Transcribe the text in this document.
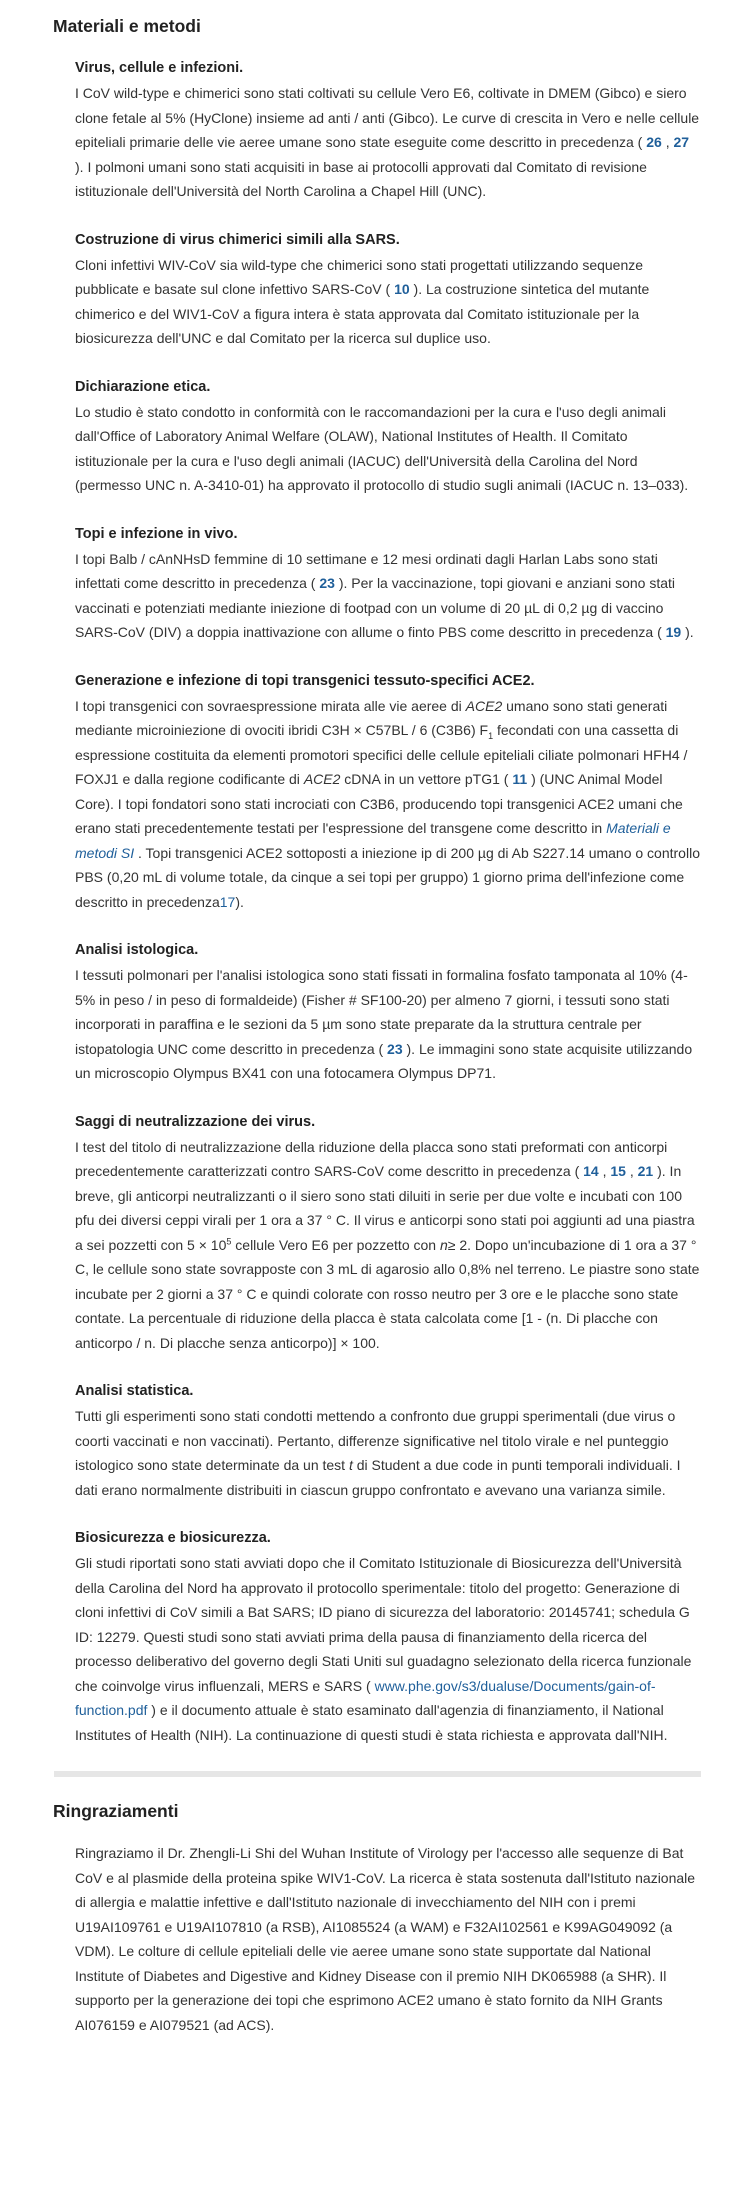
Materiali e metodi
Virus, cellule e infezioni.

I CoV wild-type e chimerici sono stati coltivati su cellule Vero E6, coltivate in DMEM (Gibco) e siero clone fetale al 5% (HyClone) insieme ad anti / anti (Gibco). Le curve di crescita in Vero e nelle cellule epiteliali primarie delle vie aeree umane sono state eseguite come descritto in precedenza ( 26 , 27 ). I polmoni umani sono stati acquisiti in base ai protocolli approvati dal Comitato di revisione istituzionale dell'Università del North Carolina a Chapel Hill (UNC).

Costruzione di virus chimerici simili alla SARS.

Cloni infettivi WIV-CoV sia wild-type che chimerici sono stati progettati utilizzando sequenze pubblicate e basate sul clone infettivo SARS-CoV ( 10 ). La costruzione sintetica del mutante chimerico e del WIV1-CoV a figura intera è stata approvata dal Comitato istituzionale per la biosicurezza dell'UNC e dal Comitato per la ricerca sul duplice uso.

Dichiarazione etica.

Lo studio è stato condotto in conformità con le raccomandazioni per la cura e l'uso degli animali dall'Office of Laboratory Animal Welfare (OLAW), National Institutes of Health. Il Comitato istituzionale per la cura e l'uso degli animali (IACUC) dell'Università della Carolina del Nord (permesso UNC n. A-3410-01) ha approvato il protocollo di studio sugli animali (IACUC n. 13–033).

Topi e infezione in vivo.

I topi Balb / cAnNHsD femmine di 10 settimane e 12 mesi ordinati dagli Harlan Labs sono stati infettati come descritto in precedenza ( 23 ). Per la vaccinazione, topi giovani e anziani sono stati vaccinati e potenziati mediante iniezione di footpad con un volume di 20 µL di 0,2 µg di vaccino SARS-CoV (DIV) a doppia inattivazione con allume o finto PBS come descritto in precedenza ( 19 ).

Generazione e infezione di topi transgenici tessuto-specifici ACE2.

I topi transgenici con sovraespressione mirata alle vie aeree di ACE2 umano sono stati generati mediante microiniezione di ovociti ibridi C3H × C57BL / 6 (C3B6) $F_1$ fecondati con una cassetta di espressione costituita da elementi promotori specifici delle cellule epiteliali ciliate polmonari HFH4 / FOXJ1 e dalla regione codificante di ACE2 cDNA in un vettore pTG1 ( 11 ) (UNC Animal Model Core). I topi fondatori sono stati incrociati con C3B6, producendo topi transgenici ACE2 umani che erano stati precedentemente testati per l'espressione del transgene come descritto in Materiali e metodi SI . Topi transgenici ACE2 sottoposti a iniezione ip di 200 µg di Ab S227.14 umano o controllo PBS (0,20 mL di volume totale, da cinque a sei topi per gruppo) 1 giorno prima dell'infezione come descritto in precedenza17).

Analisi istologica.

I tessuti polmonari per l'analisi istologica sono stati fissati in formalina fosfato tamponata al 10% (4-5% in peso / in peso di formaldeide) (Fisher # SF100-20) per almeno 7 giorni, i tessuti sono stati incorporati in paraffina e le sezioni da 5 µm sono state preparate da la struttura centrale per istopatologia UNC come descritto in precedenza ( 23 ). Le immagini sono state acquisite utilizzando un microscopio Olympus BX41 con una fotocamera Olympus DP71.

Saggi di neutralizzazione dei virus.

I test del titolo di neutralizzazione della riduzione della placca sono stati preformati con anticorpi precedentemente caratterizzati contro SARS-CoV come descritto in precedenza ( 14 , 15 , 21 ). In breve, gli anticorpi neutralizzanti o il siero sono stati diluiti in serie per due volte e incubati con 100 pfu dei diversi ceppi virali per 1 ora a 37 ° C. Il virus e anticorpi sono stati poi aggiunti ad una piastra a sei pozzetti con $5 \times 10^5$ cellule Vero E6 per pozzetto con n≥ 2. Dopo un'incubazione di 1 ora a 37 ° C, le cellule sono state sovrapposte con 3 mL di agarosio allo 0,8% nel terreno. Le piastre sono state incubate per 2 giorni a 37 ° C e quindi colorate con rosso neutro per 3 ore e le placche sono state contate. La percentuale di riduzione della placca è stata calcolata come [1 - (n. Di placche con anticorpo / n. Di placche senza anticorpo)] × 100.

Analisi statistica.

Tutti gli esperimenti sono stati condotti mettendo a confronto due gruppi sperimentali (due virus o coorti vaccinati e non vaccinati). Pertanto, differenze significative nel titolo virale e nel punteggio istologico sono state determinate da un test t di Student a due code in punti temporali individuali. I dati erano normalmente distribuiti in ciascun gruppo confrontato e avevano una varianza simile.

Biosicurezza e biosicurezza.

Gli studi riportati sono stati avviati dopo che il Comitato Istituzionale di Biosicurezza dell'Università della Carolina del Nord ha approvato il protocollo sperimentale: titolo del progetto: Generazione di cloni infettivi di CoV simili a Bat SARS; ID piano di sicurezza del laboratorio: 20145741; schedula G ID: 12279. Questi studi sono stati avviati prima della pausa di finanziamento della ricerca del processo deliberativo del governo degli Stati Uniti sul guadagno selezionato della ricerca funzionale che coinvolge virus influenzali, MERS e SARS ( www.phe.gov/s3/dualuse/Documents/gain-of- function.pdf ) e il documento attuale è stato esaminato dall'agenzia di finanziamento, il National Institutes of Health (NIH). La continuazione di questi studi è stata richiesta e approvata dall'NIH.

Ringraziamenti

Ringraziamo il Dr. Zhengli-Li Shi del Wuhan Institute of Virology per l'accesso alle sequenze di Bat CoV e al plasmide della proteina spike WIV1-CoV. La ricerca è stata sostenuta dall'Istituto nazionale di allergia e malattie infettive e dall'Istituto nazionale di invecchiamento del NIH con i premi U19AI109761 e U19AI107810 (a RSB), AI1085524 (a WAM) e F32AI102561 e K99AG049092 (a VDM). Le colture di cellule epiteliali delle vie aeree umane sono state supportate dal National Institute of Diabetes and Digestive and Kidney Disease con il premio NIH DK065988 (a SHR). Il supporto per la generazione dei topi che esprimono ACE2 umano è stato fornito da NIH Grants AI076159 e AI079521 (ad ACS).
